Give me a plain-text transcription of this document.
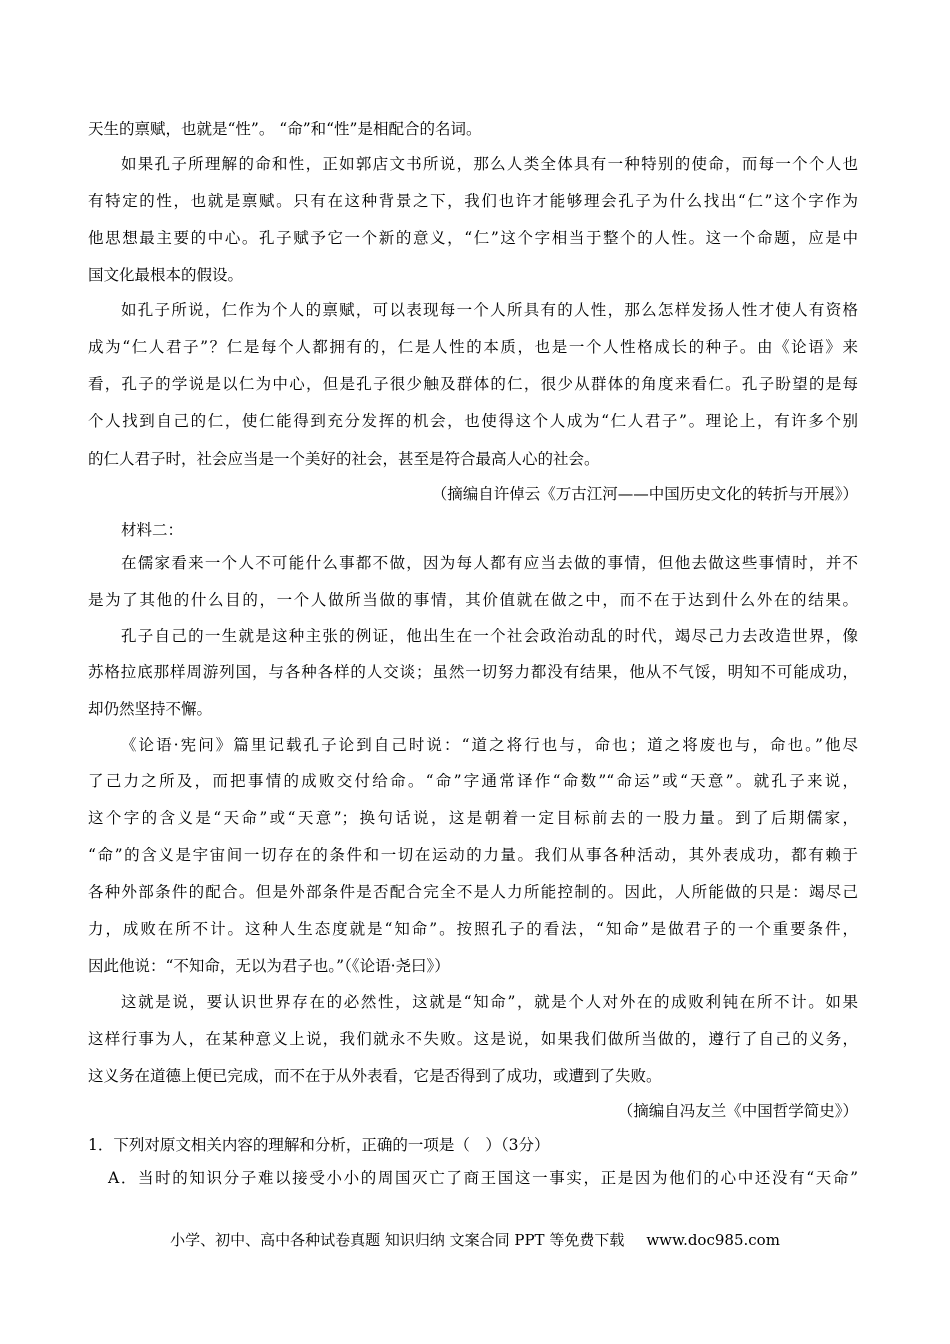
天生的禀赋，也就是“性”。 “命”和“性”是相配合的名词。
如果孔子所理解的命和性，正如郭店文书所说，那么人类全体具有一种特别的使命，而每一个个人也
有特定的性，也就是禀赋。只有在这种背景之下，我们也许才能够理会孔子为什么找出“仁”这个字作为
他思想最主要的中心。孔子赋予它一个新的意义，“仁”这个字相当于整个的人性。这一个命题，应是中
国文化最根本的假设。
如孔子所说，仁作为个人的禀赋，可以表现每一个人所具有的人性，那么怎样发扬人性才使人有资格
成为“仁人君子”？仁是每个人都拥有的，仁是人性的本质，也是一个人性格成长的种子。由《论语》来
看，孔子的学说是以仁为中心，但是孔子很少触及群体的仁，很少从群体的角度来看仁。孔子盼望的是每
个人找到自己的仁，使仁能得到充分发挥的机会，也使得这个人成为“仁人君子”。理论上，有许多个别
的仁人君子时，社会应当是一个美好的社会，甚至是符合最高人心的社会。
（摘编自许倬云《万古江河——中国历史文化的转折与开展》）
材料二：
在儒家看来一个人不可能什么事都不做，因为每人都有应当去做的事情，但他去做这些事情时，并不
是为了其他的什么目的，一个人做所当做的事情，其价值就在做之中，而不在于达到什么外在的结果。
孔子自己的一生就是这种主张的例证，他出生在一个社会政治动乱的时代，竭尽己力去改造世界，像
苏格拉底那样周游列国，与各种各样的人交谈；虽然一切努力都没有结果，他从不气馁，明知不可能成功，
却仍然坚持不懈。
《论语·宪问》篇里记载孔子论到自己时说：“道之将行也与，命也；道之将废也与，命也。”他尽
了己力之所及，而把事情的成败交付给命。“命”字通常译作“命数”“命运”或“天意”。就孔子来说，
这个字的含义是“天命”或“天意”；换句话说，这是朝着一定目标前去的一股力量。到了后期儒家，
“命”的含义是宇宙间一切存在的条件和一切在运动的力量。我们从事各种活动，其外表成功，都有赖于
各种外部条件的配合。但是外部条件是否配合完全不是人力所能控制的。因此，人所能做的只是：竭尽己
力，成败在所不计。这种人生态度就是“知命”。按照孔子的看法，“知命”是做君子的一个重要条件，
因此他说：“不知命，无以为君子也。”（《论语·尧曰》）
这就是说，要认识世界存在的必然性，这就是“知命”，就是个人对外在的成败利钝在所不计。如果
这样行事为人，在某种意义上说，我们就永不失败。这是说，如果我们做所当做的，遵行了自己的义务，
这义务在道德上便已完成，而不在于从外表看，它是否得到了成功，或遭到了失败。
（摘编自冯友兰《中国哲学简史》）
1．下列对原文相关内容的理解和分析，正确的一项是（　）（3分）
A．当时的知识分子难以接受小小的周国灭亡了商王国这一事实，正是因为他们的心中还没有“天命”
小学、初中、高中各种试卷真题 知识归纳 文案合同 PPT 等免费下载 www.doc985.com
